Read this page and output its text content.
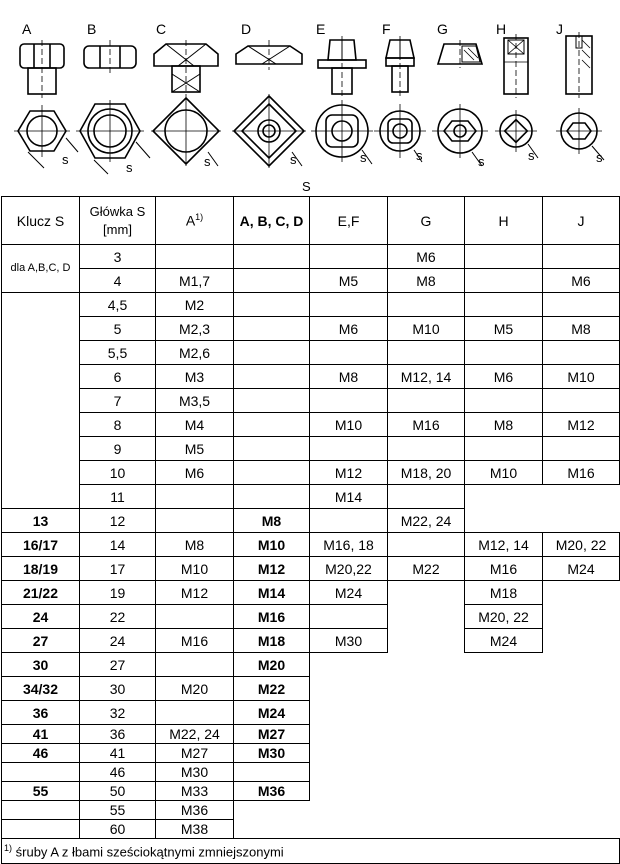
A	B	C	D	E	F	G	H	J
s
s	s	s	s	s	s	s	s
S
Klucz S	Główka S [mm]	$A^{1)}$	A, B, C, D	E,F	G	H	J
dla A,B,C, D	3				M6		
	4	M1,7		M5	M8		M6
	4,5	M2					
	5	M2,3		M6	M10	M5	M8
	5,5	M2,6					
	6	M3		M8	M12, 14	M6	M10
	7	M3,5					
	8	M4		M10	M16	M8	M12
	9	M5					
	10	M6		M12	M18, 20	M10	M16
	11			M14			
13	12		M8		M22, 24		
16/17	14	M8	M10	M16, 18		M12, 14	M20, 22
18/19	17	M10	M12	M20,22	M22	M16	M24
21/22	19	M12	M14	M24		M18	
24	22		M16			M20, 22	
27	24	M16	M18	M30		M24	
30	27		M20				
34/32	30	M20	M22				
36	32		M24				
41	36	M22, 24	M27				
46	41	M27	M30				
	46	M30					
55	50	M33	M36				
	55	M36					
	60	M38					
$^{1)}$ śruby A z łbami sześciokątnymi zmniejszonymi							
